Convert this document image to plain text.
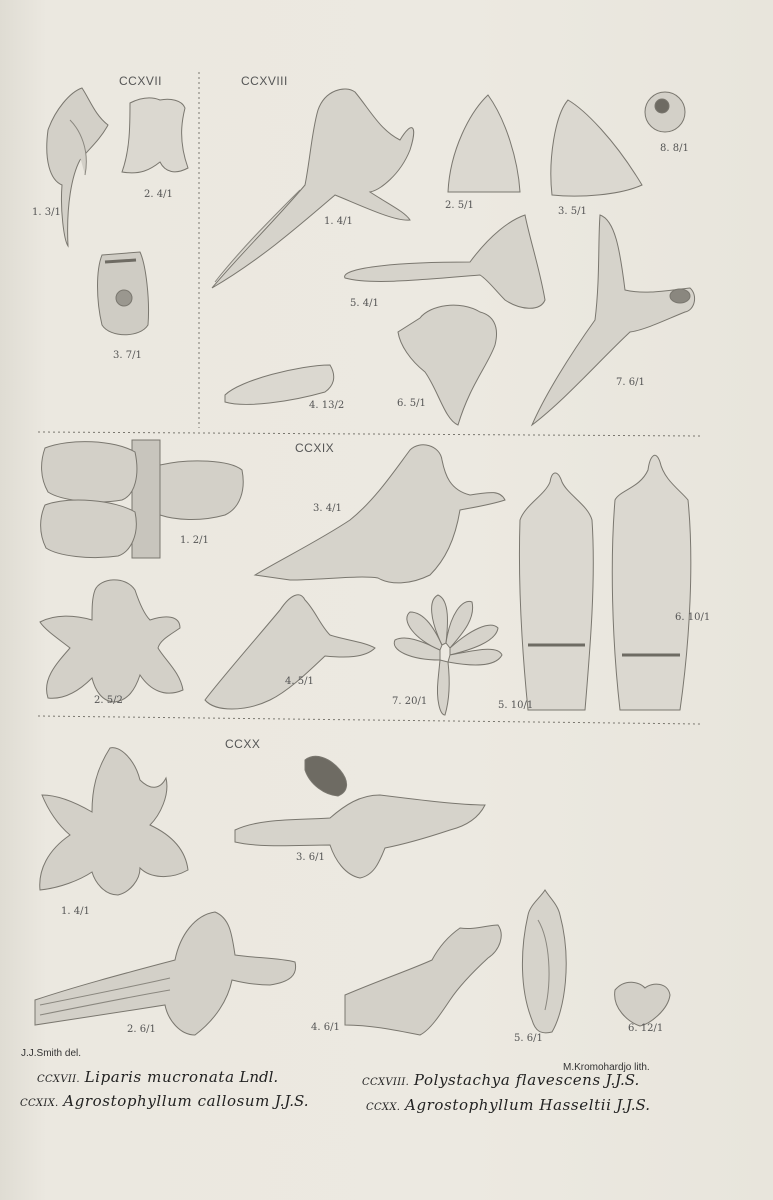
CCXVII	CCXVIII
CCXIX
CCXX
1. 3/1
2. 4/1
3. 7/1
1. 4/1
2. 5/1
3. 5/1
8. 8/1
5. 4/1
4. 13/2	6. 5/1
7. 6/1
1. 2/1
3. 4/1
2. 5/2
4. 5/1
7. 20/1	5. 10/1
6. 10/1
1. 4/1
3. 6/1
2. 6/1	4. 6/1
5. 6/1
6. 12/1
J.J.Smith del.
M.Kromohardjo lith.
CCXVII. Liparis mucronata Lndl.	CCXVIII. Polystachya flavescens J.J.S.
CCXIX. Agrostophyllum callosum J.J.S.	CCXX. Agrostophyllum Hasseltii J.J.S.
